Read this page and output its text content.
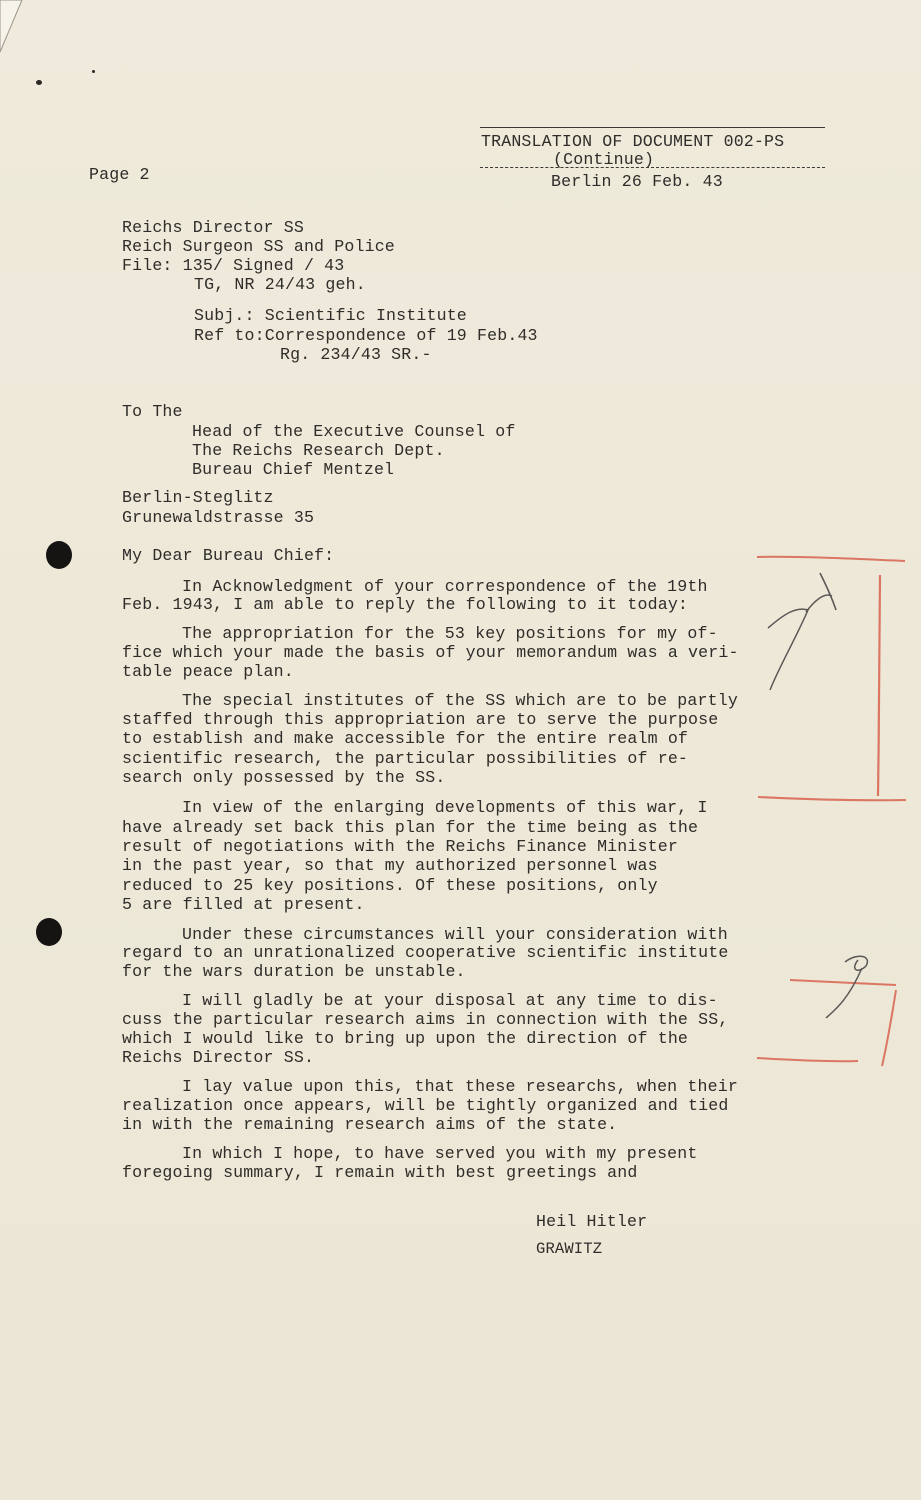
TRANSLATION OF DOCUMENT 002-PS
(Continue)
Berlin 26 Feb. 43
Page 2
Reichs Director SS
Reich Surgeon SS and Police
File: 135/ Signed / 43
TG, NR 24/43 geh.
Subj.: Scientific Institute
Ref to:Correspondence of 19 Feb.43
Rg. 234/43 SR.-
To The
Head of the Executive Counsel of
The Reichs Research Dept.
Bureau Chief Mentzel
Berlin-Steglitz
Grunewaldstrasse 35
My Dear Bureau Chief:
In Acknowledgment of your correspondence of the 19th
Feb. 1943, I am able to reply the following to it today:
The appropriation for the 53 key positions for my of-
fice which your made the basis of your memorandum was a veri-
table peace plan.
The special institutes of the SS which are to be partly
staffed through this appropriation are to serve the purpose
to establish and make accessible for the entire realm of
scientific research, the particular possibilities of re-
search only possessed by the SS.
In view of the enlarging developments of this war, I
have already set back this plan for the time being as the
result of negotiations with the Reichs Finance Minister
in the past year, so that my authorized personnel was
reduced to 25 key positions. Of these positions, only
5 are filled at present.
Under these circumstances will your consideration with
regard to an unrationalized cooperative scientific institute
for the wars duration be unstable.
I will gladly be at your disposal at any time to dis-
cuss the particular research aims in connection with the SS,
which I would like to bring up upon the direction of the
Reichs Director SS.
I lay value upon this, that these researchs, when their
realization once appears, will be tightly organized and tied
in with the remaining research aims of the state.
In which I hope, to have served you with my present
foregoing summary, I remain with best greetings and
Heil Hitler
GRAWITZ
